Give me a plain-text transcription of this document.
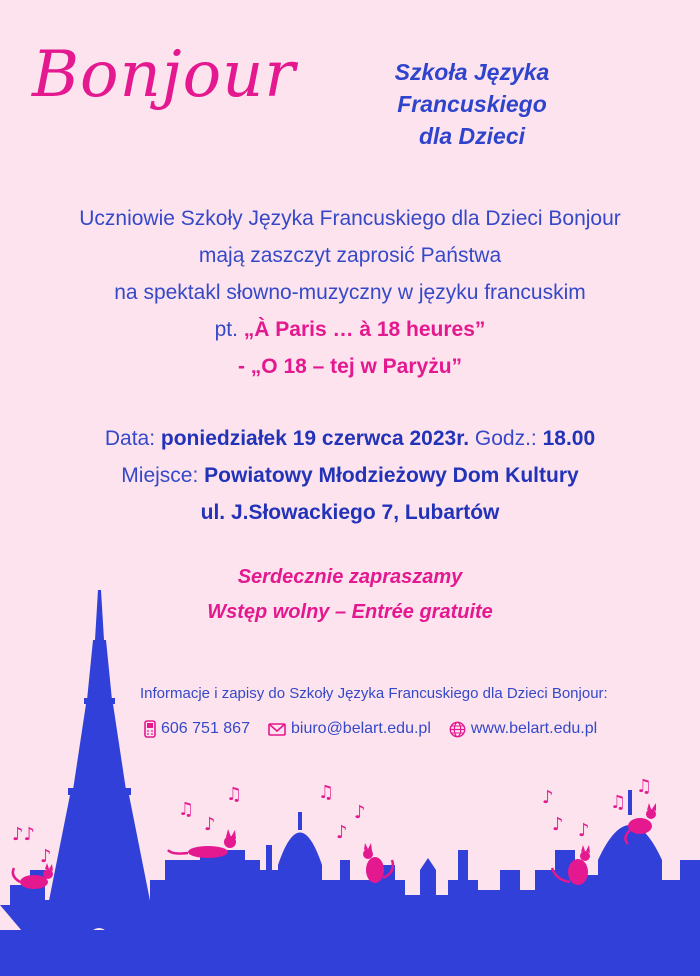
Bonjour	Szkoła Języka Francuskiego
dla Dzieci
Uczniowie Szkoły Języka Francuskiego dla Dzieci Bonjour
mają zaszczyt zaprosić Państwa
na spektakl słowno-muzyczny w języku francuskim
pt. „À Paris … à 18 heures”
- „O 18 – tej w Paryżu”
Data: poniedziałek 19 czerwca 2023r. Godz.: 18.00
Miejsce: Powiatowy Młodzieżowy Dom Kultury
ul. J.Słowackiego 7, Lubartów
Serdecznie zapraszamy
Wstęp wolny – Entrée gratuite
Informacje i zapisy do Szkoły Języka Francuskiego dla Dzieci Bonjour:
606 751 867	biuro@belart.edu.pl	www.belart.edu.pl
♪♪
♪
♫
♪
♫	♫
♪
♪
♪
♪ ♪
♫
♫
